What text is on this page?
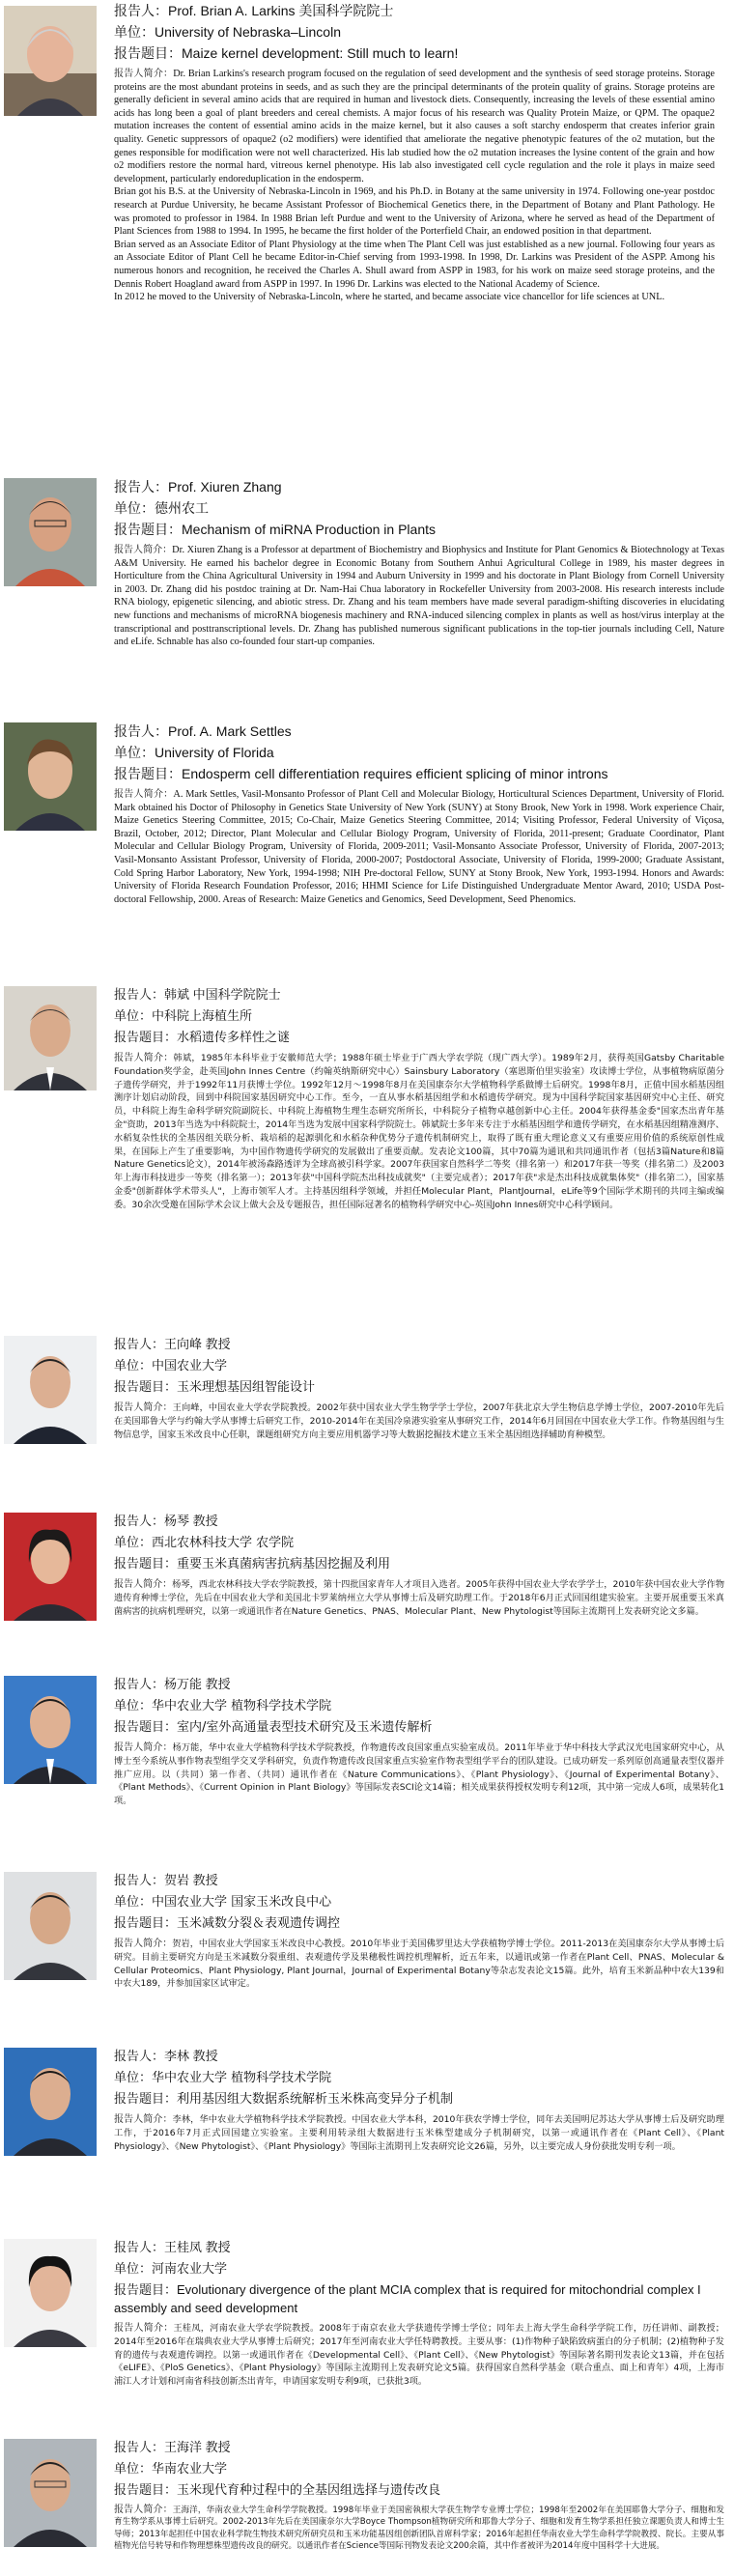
报告人：Prof. Brian A. Larkins 美国科学院院士
单位：University of Nebraska–Lincoln
报告题目：Maize kernel development: Still much to learn!

报告人简介：Dr. Brian Larkins's research program focused on the regulation of seed development and the synthesis of seed storage proteins. Storage proteins are the most abundant proteins in seeds, and as such they are the principal determinants of the protein quality of grains. Storage proteins are generally deficient in several amino acids that are required in human and livestock diets. Consequently, increasing the levels of these essential amino acids has long been a goal of plant breeders and cereal chemists. A major focus of his research was Quality Protein Maize, or QPM. The opaque2 mutation increases the content of essential amino acids in the maize kernel, but it also causes a soft starchy endosperm that creates inferior grain quality. Genetic suppressors of opaque2 (o2 modifiers) were identified that ameliorate the negative phenotypic features of the o2 mutation, but the genes responsible for modification were not well characterized. His lab studied how the o2 mutation increases the lysine content of the grain and how o2 modifiers restore the normal hard, vitreous kernel phenotype. His lab also investigated cell cycle regulation and the role it plays in maize seed development, particularly endoreduplication in the endosperm.

Brian got his B.S. at the University of Nebraska-Lincoln in 1969, and his Ph.D. in Botany at the same university in 1974. Following one-year postdoc research at Purdue University, he became Assistant Professor of Biochemical Genetics there, in the Department of Botany and Plant Pathology. He was promoted to professor in 1984. In 1988 Brian left Purdue and went to the University of Arizona, where he served as head of the Department of Plant Sciences from 1988 to 1994. In 1995, he became the first holder of the Porterfield Chair, an endowed position in that department.

Brian served as an Associate Editor of Plant Physiology at the time when The Plant Cell was just established as a new journal. Following four years as an Associate Editor of Plant Cell he became Editor-in-Chief serving from 1993-1998. In 1998, Dr. Larkins was President of the ASPP. Among his numerous honors and recognition, he received the Charles A. Shull award from ASPP in 1983, for his work on maize seed storage proteins, and the Dennis Robert Hoagland award from ASPP in 1997. In 1996 Dr. Larkins was elected to the National Academy of Science.

In 2012 he moved to the University of Nebraska-Lincoln, where he started, and became associate vice chancellor for life sciences at UNL.

报告人：Prof. Xiuren Zhang
单位：德州农工
报告题目：Mechanism of miRNA Production in Plants

报告人简介：Dr. Xiuren Zhang is a Professor at department of Biochemistry and Biophysics and Institute for Plant Genomics & Biotechnology at Texas A&M University. He earned his bachelor degree in Economic Botany from Southern Anhui Agricultural College in 1989, his master degrees in Horticulture from the China Agricultural University in 1994 and Auburn University in 1999 and his doctorate in Plant Biology from Cornell University in 2003. Dr. Zhang did his postdoc training at Dr. Nam-Hai Chua laboratory in Rockefeller University from 2003-2008. His research interests include RNA biology, epigenetic silencing, and abiotic stress. Dr. Zhang and his team members have made several paradigm-shifting discoveries in elucidating new functions and mechanisms of microRNA biogenesis machinery and RNA-induced silencing complex in plants as well as host/virus interplay at the transcriptional and posttranscriptional levels. Dr. Zhang has published numerous significant publications in the top-tier journals including Cell, Nature and eLife. Schnable has also co-founded four start-up companies.

报告人：Prof. A. Mark Settles
单位：University of Florida
报告题目：Endosperm cell differentiation requires efficient splicing of minor introns

报告人简介：A. Mark Settles, Vasil-Monsanto Professor of Plant Cell and Molecular Biology, Horticultural Sciences Department, University of Florid. Mark obtained his Doctor of Philosophy in Genetics State University of New York (SUNY) at Stony Brook, New York in 1998. Work experience Chair, Maize Genetics Steering Committee, 2015; Co-Chair, Maize Genetics Steering Committee, 2014; Visiting Professor, Federal University of Viçosa, Brazil, October, 2012; Director, Plant Molecular and Cellular Biology Program, University of Florida, 2011-present; Graduate Coordinator, Plant Molecular and Cellular Biology Program, University of Florida, 2009-2011; Vasil-Monsanto Associate Professor, University of Florida, 2007-2013; Vasil-Monsanto Assistant Professor, University of Florida, 2000-2007; Postdoctoral Associate, University of Florida, 1999-2000; Graduate Assistant, Cold Spring Harbor Laboratory, New York, 1994-1998; NIH Pre-doctoral Fellow, SUNY at Stony Brook, New York, 1993-1994. Honors and Awards: University of Florida Research Foundation Professor, 2016; HHMI Science for Life Distinguished Undergraduate Mentor Award, 2010; USDA Post-doctoral Fellowship, 2000. Areas of Research: Maize Genetics and Genomics, Seed Development, Seed Phenomics.

报告人：韩斌 中国科学院院士
单位：中科院上海植生所
报告题目：水稻遗传多样性之谜

报告人简介：韩斌，1985年本科毕业于安徽师范大学；1988年硕士毕业于广西大学农学院（现广西大学）。1989年2月，获得英国Gatsby Charitable Foundation奖学金，赴英国John Innes Centre（约翰英纳斯研究中心）Sainsbury Laboratory（塞恩斯伯里实验室）攻读博士学位，从事植物病原菌分子遗传学研究，并于1992年11月获博士学位。1992年12月～1998年8月在美国康奈尔大学植物科学系做博士后研究。1998年8月，正值中国水稻基因组测序计划启动阶段，回到中科院国家基因研究中心工作。至今，一直从事水稻基因组学和水稻遗传学研究。现为中国科学院国家基因研究中心主任、研究员，中科院上海生命科学研究院副院长、中科院上海植物生理生态研究所所长，中科院分子植物卓越创新中心主任。2004年获得基金委"国家杰出青年基金"资助，2013年当选为中科院院士，2014年当选为发展中国家科学院院士。韩斌院士多年来专注于水稻基因组学和遗传学研究，在水稻基因组精准测序、水稻复杂性状的全基因组关联分析、栽培稻的起源驯化和水稻杂种优势分子遗传机制研究上，取得了既有重大理论意义又有重要应用价值的系统原创性成果，在国际上产生了重要影响，为中国作物遗传学研究的发展做出了重要贡献。发表论文100篇，其中70篇为通讯和共同通讯作者（包括3篇Nature和8篇Nature Genetics论文），2014年被汤森路透评为全球高被引科学家。2007年获国家自然科学二等奖（排名第一）和2017年获一等奖（排名第二）及2003年上海市科技进步一等奖（排名第一）；2013年获"中国科学院杰出科技成就奖"（主要完成者）；2017年获"求是杰出科技成就集体奖"（排名第二），国家基金委"创新群体学术带头人"，上海市领军人才。主持基因组科学领域，并担任Molecular Plant，PlantJournal，eLife等9个国际学术期刊的共同主编或编委。30余次受邀在国际学术会议上做大会及专题报告，担任国际冠著名的植物科学研究中心-英国John Innes研究中心科学顾问。

报告人：王向峰 教授
单位：中国农业大学
报告题目：玉米理想基因组智能设计

报告人简介：王向峰，中国农业大学农学院教授。2002年获中国农业大学生物学学士学位，2007年获北京大学生物信息学博士学位，2007-2010年先后在美国耶鲁大学与约翰大学从事博士后研究工作，2010-2014年在美国冷泉港实验室从事研究工作，2014年6月回国在中国农业大学工作。作物基因组与生物信息学，国家玉米改良中心任职，课题组研究方向主要应用机器学习等大数据挖掘技术建立玉米全基因组选择辅助育种模型。

报告人：杨琴 教授
单位：西北农林科技大学 农学院
报告题目：重要玉米真菌病害抗病基因挖掘及利用

报告人简介：杨琴，西北农林科技大学农学院教授，第十四批国家青年人才项目入选者。2005年获得中国农业大学农学学士，2010年获中国农业大学作物遗传育种博士学位，先后在中国农业大学和美国北卡罗莱纳州立大学从事博士后及研究助理工作。于2018年6月正式回国组建实验室。主要开展重要玉米真菌病害的抗病机理研究，以第一或通讯作者在Nature Genetics、PNAS、Molecular Plant、New Phytologist等国际主流期刊上发表研究论文多篇。

报告人：杨万能 教授
单位：华中农业大学 植物科学技术学院
报告题目：室内/室外高通量表型技术研究及玉米遗传解析

报告人简介：杨万能，华中农业大学植物科学技术学院教授，作物遗传改良国家重点实验室成员。2011年毕业于华中科技大学武汉光电国家研究中心，从博士至今系统从事作物表型组学交叉学科研究，负责作物遗传改良国家重点实验室作物表型组学平台的团队建设。已成功研发一系列原创高通量表型仪器并推广应用。以（共同）第一作者、（共同）通讯作者在《Nature Communications》、《Plant Physiology》、《Journal of Experimental Botany》、《Plant Methods》、《Current Opinion in Plant Biology》等国际发表SCI论文14篇；相关成果获得授权发明专利12项，其中第一完成人6项，成果转化1项。

报告人：贺岩 教授
单位：中国农业大学 国家玉米改良中心
报告题目：玉米减数分裂＆表观遗传调控

报告人简介：贺岩，中国农业大学国家玉米改良中心教授。2010年毕业于美国佛罗里达大学获植物学博士学位。2011-2013在美国康奈尔大学从事博士后研究。目前主要研究方向是玉米减数分裂重组、表观遗传学及果穗极性调控机理解析，近五年来，以通讯或第一作者在Plant Cell、PNAS、Molecular & Cellular Proteomics、Plant Physiology, Plant Journal，Journal of Experimental Botany等杂志发表论文15篇。此外，培育玉米新品种中农大139和中农大189，并参加国家区试审定。

报告人：李林 教授
单位：华中农业大学 植物科学技术学院
报告题目：利用基因组大数据系统解析玉米株高变异分子机制

报告人简介：李林，华中农业大学植物科学技术学院教授。中国农业大学本科，2010年获农学博士学位，同年去美国明尼苏达大学从事博士后及研究助理工作，于2016年7月正式回国建立实验室。主要利用转录组大数据进行玉米株型建成分子机制研究，以第一或通讯作者在《Plant Cell》、《Plant Physiology》、《New Phytologist》、《Plant Physiology》等国际主流期刊上发表研究论文26篇，另外，以主要完成人身份获批发明专利一项。

报告人：王桂凤 教授
单位：河南农业大学
报告题目：Evolutionary divergence of the plant MCIA complex that is required for mitochondrial complex I assembly and seed development

报告人简介：王桂凤，河南农业大学农学院教授。2008年于南京农业大学获遗传学博士学位；同年去上海大学生命科学学院工作，历任讲师、副教授；2014年至2016年在瑞典农业大学从事博士后研究；2017年至河南农业大学任特聘教授。主要从事：(1)作物种子缺陷致病蛋白的分子机制；(2)植物种子发育的遗传与表观遗传调控。以第一或通讯作者在《Developmental Cell》、《Plant Cell》、《New Phytologist》等国际著名期刊发表论文13篇，并在包括《eLIFE》、《PloS Genetics》、《Plant Physiology》等国际主流期刊上发表研究论文5篇。获得国家自然科学基金（联合重点、面上和青年）4项，上海市浦江人才计划和河南省科技创新杰出青年，申请国家发明专利9项，已获批3项。

报告人：王海洋 教授
单位：华南农业大学
报告题目：玉米现代育种过程中的全基因组选择与遗传改良

报告人简介：王海洋，华南农业大学生命科学学院教授。1998年毕业于美国密執根大学获生物学专业博士学位；1998年至2002年在美国耶鲁大学分子、细胞和发育生物学系从事博士后研究。2002-2013年先后在美国康奈尔大学Boyce Thompson植物研究所和耶鲁大学分子、细胞和发育生物学系担任独立课题负责人和博士生导师；2013年起担任中国农业科学院生物技术研究所研究员和玉米功能基因组创新团队首席科学家；2016年起担任华南农业大学生命科学学院教授、院长。主要从事植物光信号转导和作物理想株型遗传改良的研究。以通讯作者在Science等国际刊物发表论文200余篇，其中作者被评为2014年度中国科学十大进展。
